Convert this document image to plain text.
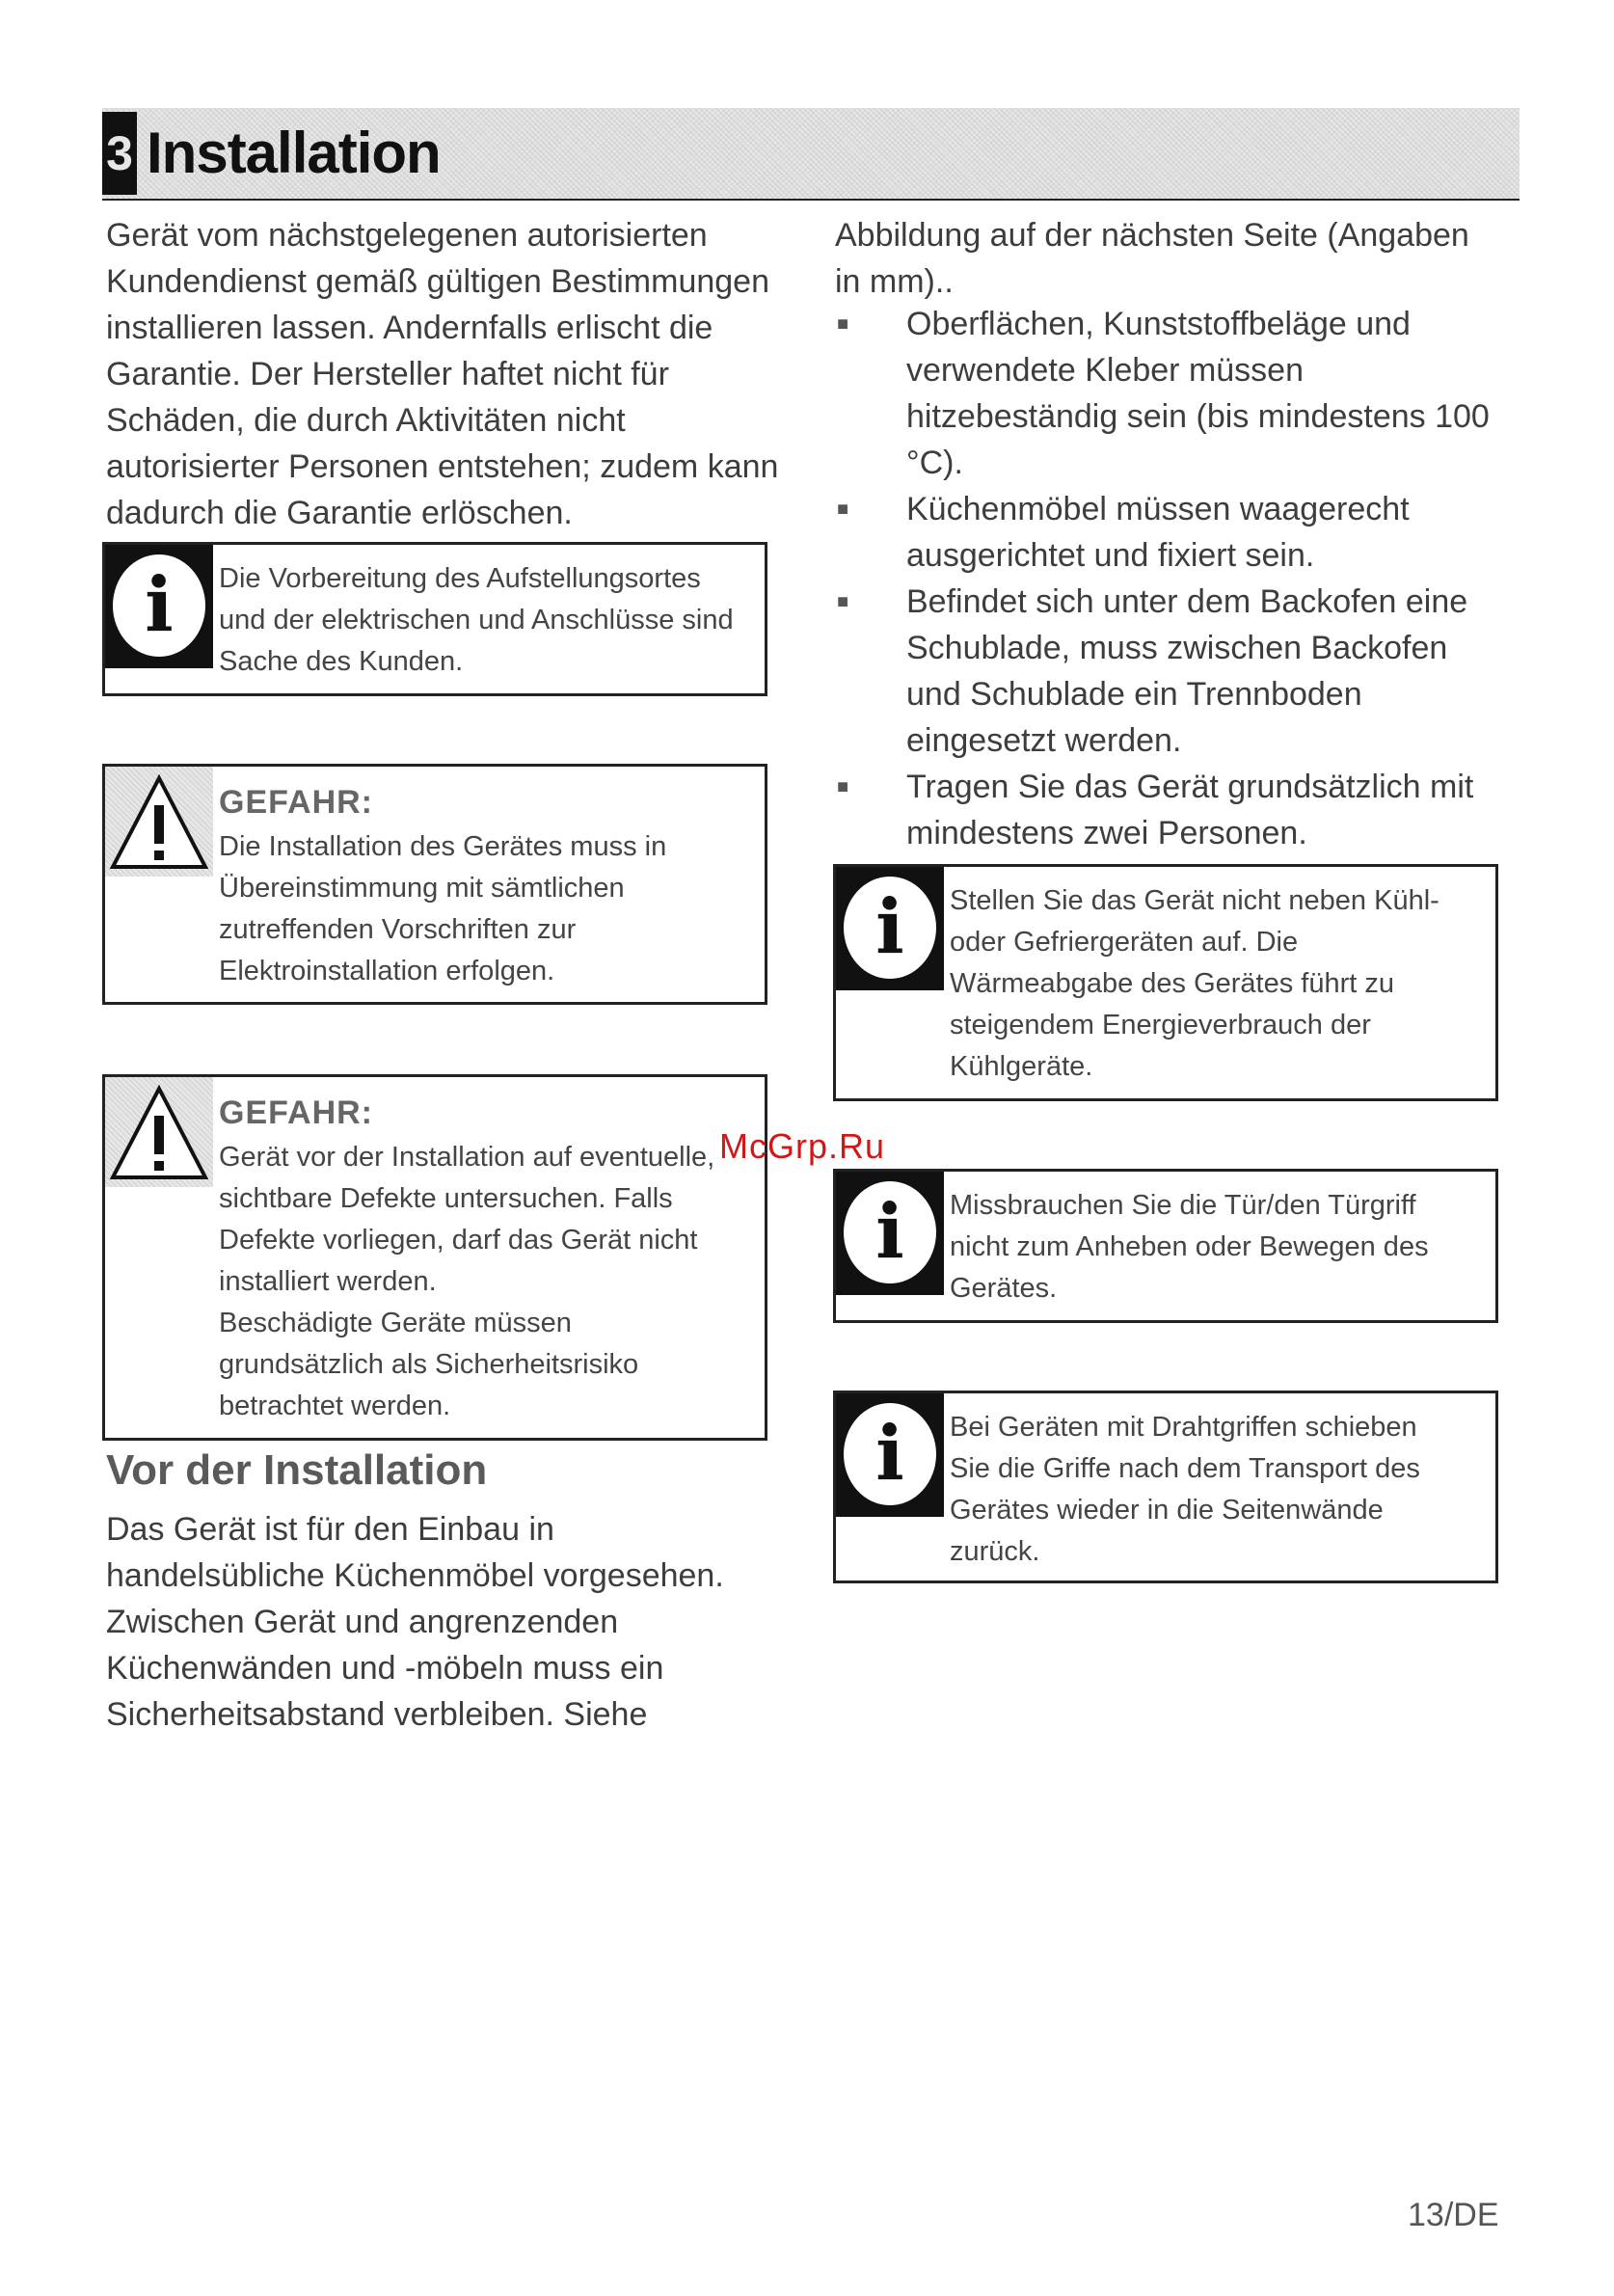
3 Installation

Gerät vom nächstgelegenen autorisierten
Kundendienst gemäß gültigen Bestimmungen
installieren lassen. Andernfalls erlischt die
Garantie. Der Hersteller haftet nicht für
Schäden, die durch Aktivitäten nicht
autorisierter Personen entstehen; zudem kann
dadurch die Garantie erlöschen.

i	Die Vorbereitung des Aufstellungsortes
und der elektrischen und Anschlüsse sind
Sache des Kunden.
GEFAHR:
Die Installation des Gerätes muss in
Übereinstimmung mit sämtlichen
zutreffenden Vorschriften zur
Elektroinstallation erfolgen.
GEFAHR:
Gerät vor der Installation auf eventuelle,
sichtbare Defekte untersuchen. Falls
Defekte vorliegen, darf das Gerät nicht
installiert werden.
Beschädigte Geräte müssen
grundsätzlich als Sicherheitsrisiko
betrachtet werden.
Vor der Installation

Das Gerät ist für den Einbau in
handelsübliche Küchenmöbel vorgesehen.
Zwischen Gerät und angrenzenden
Küchenwänden und -möbeln muss ein
Sicherheitsabstand verbleiben. Siehe

Abbildung auf der nächsten Seite (Angaben
in mm)..

■ Oberflächen, Kunststoffbeläge und verwendete Kleber müssen hitzebeständig sein (bis mindestens 100 °C).
■ Küchenmöbel müssen waagerecht ausgerichtet und fixiert sein.
■ Befindet sich unter dem Backofen eine Schublade, muss zwischen Backofen und Schublade ein Trennboden eingesetzt werden.
■ Tragen Sie das Gerät grundsätzlich mit mindestens zwei Personen.
i	Stellen Sie das Gerät nicht neben Kühl-
oder Gefriergeräten auf. Die
Wärmeabgabe des Gerätes führt zu
steigendem Energieverbrauch der
Kühlgeräte.
i	Missbrauchen Sie die Tür/den Türgriff
nicht zum Anheben oder Bewegen des
Gerätes.
i	Bei Geräten mit Drahtgriffen schieben
Sie die Griffe nach dem Transport des
Gerätes wieder in die Seitenwände
zurück.
McGrp.Ru
13/DE
